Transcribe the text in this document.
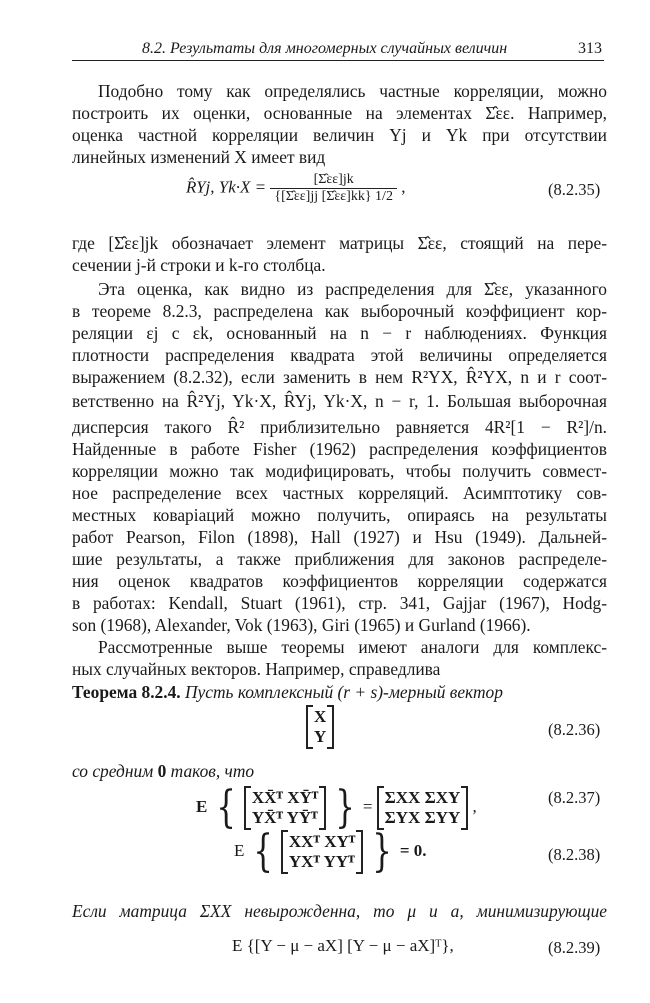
8.2. Результаты для многомерных случайных величин	313
Подобно тому как определялись частные корреляции, можно
построить их оценки, основанные на элементах Σ̂εε. Например,
оценка частной корреляции величин Yj и Yk при отсутствии
линейных изменений X имеет вид
R̂Yj, $Yk\cdot X = \frac{[\Sigmâ\varepsilon\varepsilon]jk}{\{[\Sigmâ\varepsilon\varepsilon]jj [\Sigmâ\varepsilon\varepsilon]kk\} 1/2}$ ,	(8.2.35)
где [Σ̂εε]jk обозначает элемент матрицы Σ̂εε, стоящий на пере-
сечении j-й строки и k-го столбца.
Эта оценка, как видно из распределения для Σ̂εε, указанного
в теореме 8.2.3, распределена как выборочный коэффициент кор-
реляции εj с εk, основанный на n − r наблюдениях. Функция
плотности распределения квадрата этой величины определяется
выражением (8.2.32), если заменить в нем R²YX, R̂²YX, n и r соот-
ветственно на R̂²Yj, Yk·X, R̂Yj, Yk·X, n − r, 1. Большая выборочная
дисперсия такого R̂² приблизительно равняется 4R²[1 − R²]/n.
Найденные в работе Fisher (1962) распределения коэффициентов
корреляции можно так модифицировать, чтобы получить совмест-
ное распределение всех частных корреляций. Асимптотику сов-
местных коваріаций можно получить, опираясь на результаты
работ Pearson, Filon (1898), Hall (1927) и Hsu (1949). Дальней-
шие результаты, а также приближения для законов распределе-
ния оценок квадратов коэффициентов корреляции содержатся
в работах: Kendall, Stuart (1961), стр. 341, Gajjar (1967), Hodg-
son (1968), Alexander, Vok (1963), Giri (1965) и Gurland (1966).
Рассмотренные выше теоремы имеют аналоги для комплекс-
ных случайных векторов. Например, справедлива
Теорема 8.2.4. Пусть комплексный (r + s)-мерный вектор
X
Y	(8.2.36)
со средним 0 таков, что
E { XX̄ᵀ XȲᵀ
YX̄ᵀ YȲᵀ } = ΣXX ΣXY
ΣYX ΣYY
,	(8.2.37)
E { XXᵀ XYᵀ
YXᵀ YYᵀ } = 0.	(8.2.38)
Если матрица ΣXX невырожденна, то μ и a, минимизирующие
E {[Y − μ − aX] [Y − μ − aX]ᵀ},	(8.2.39)
